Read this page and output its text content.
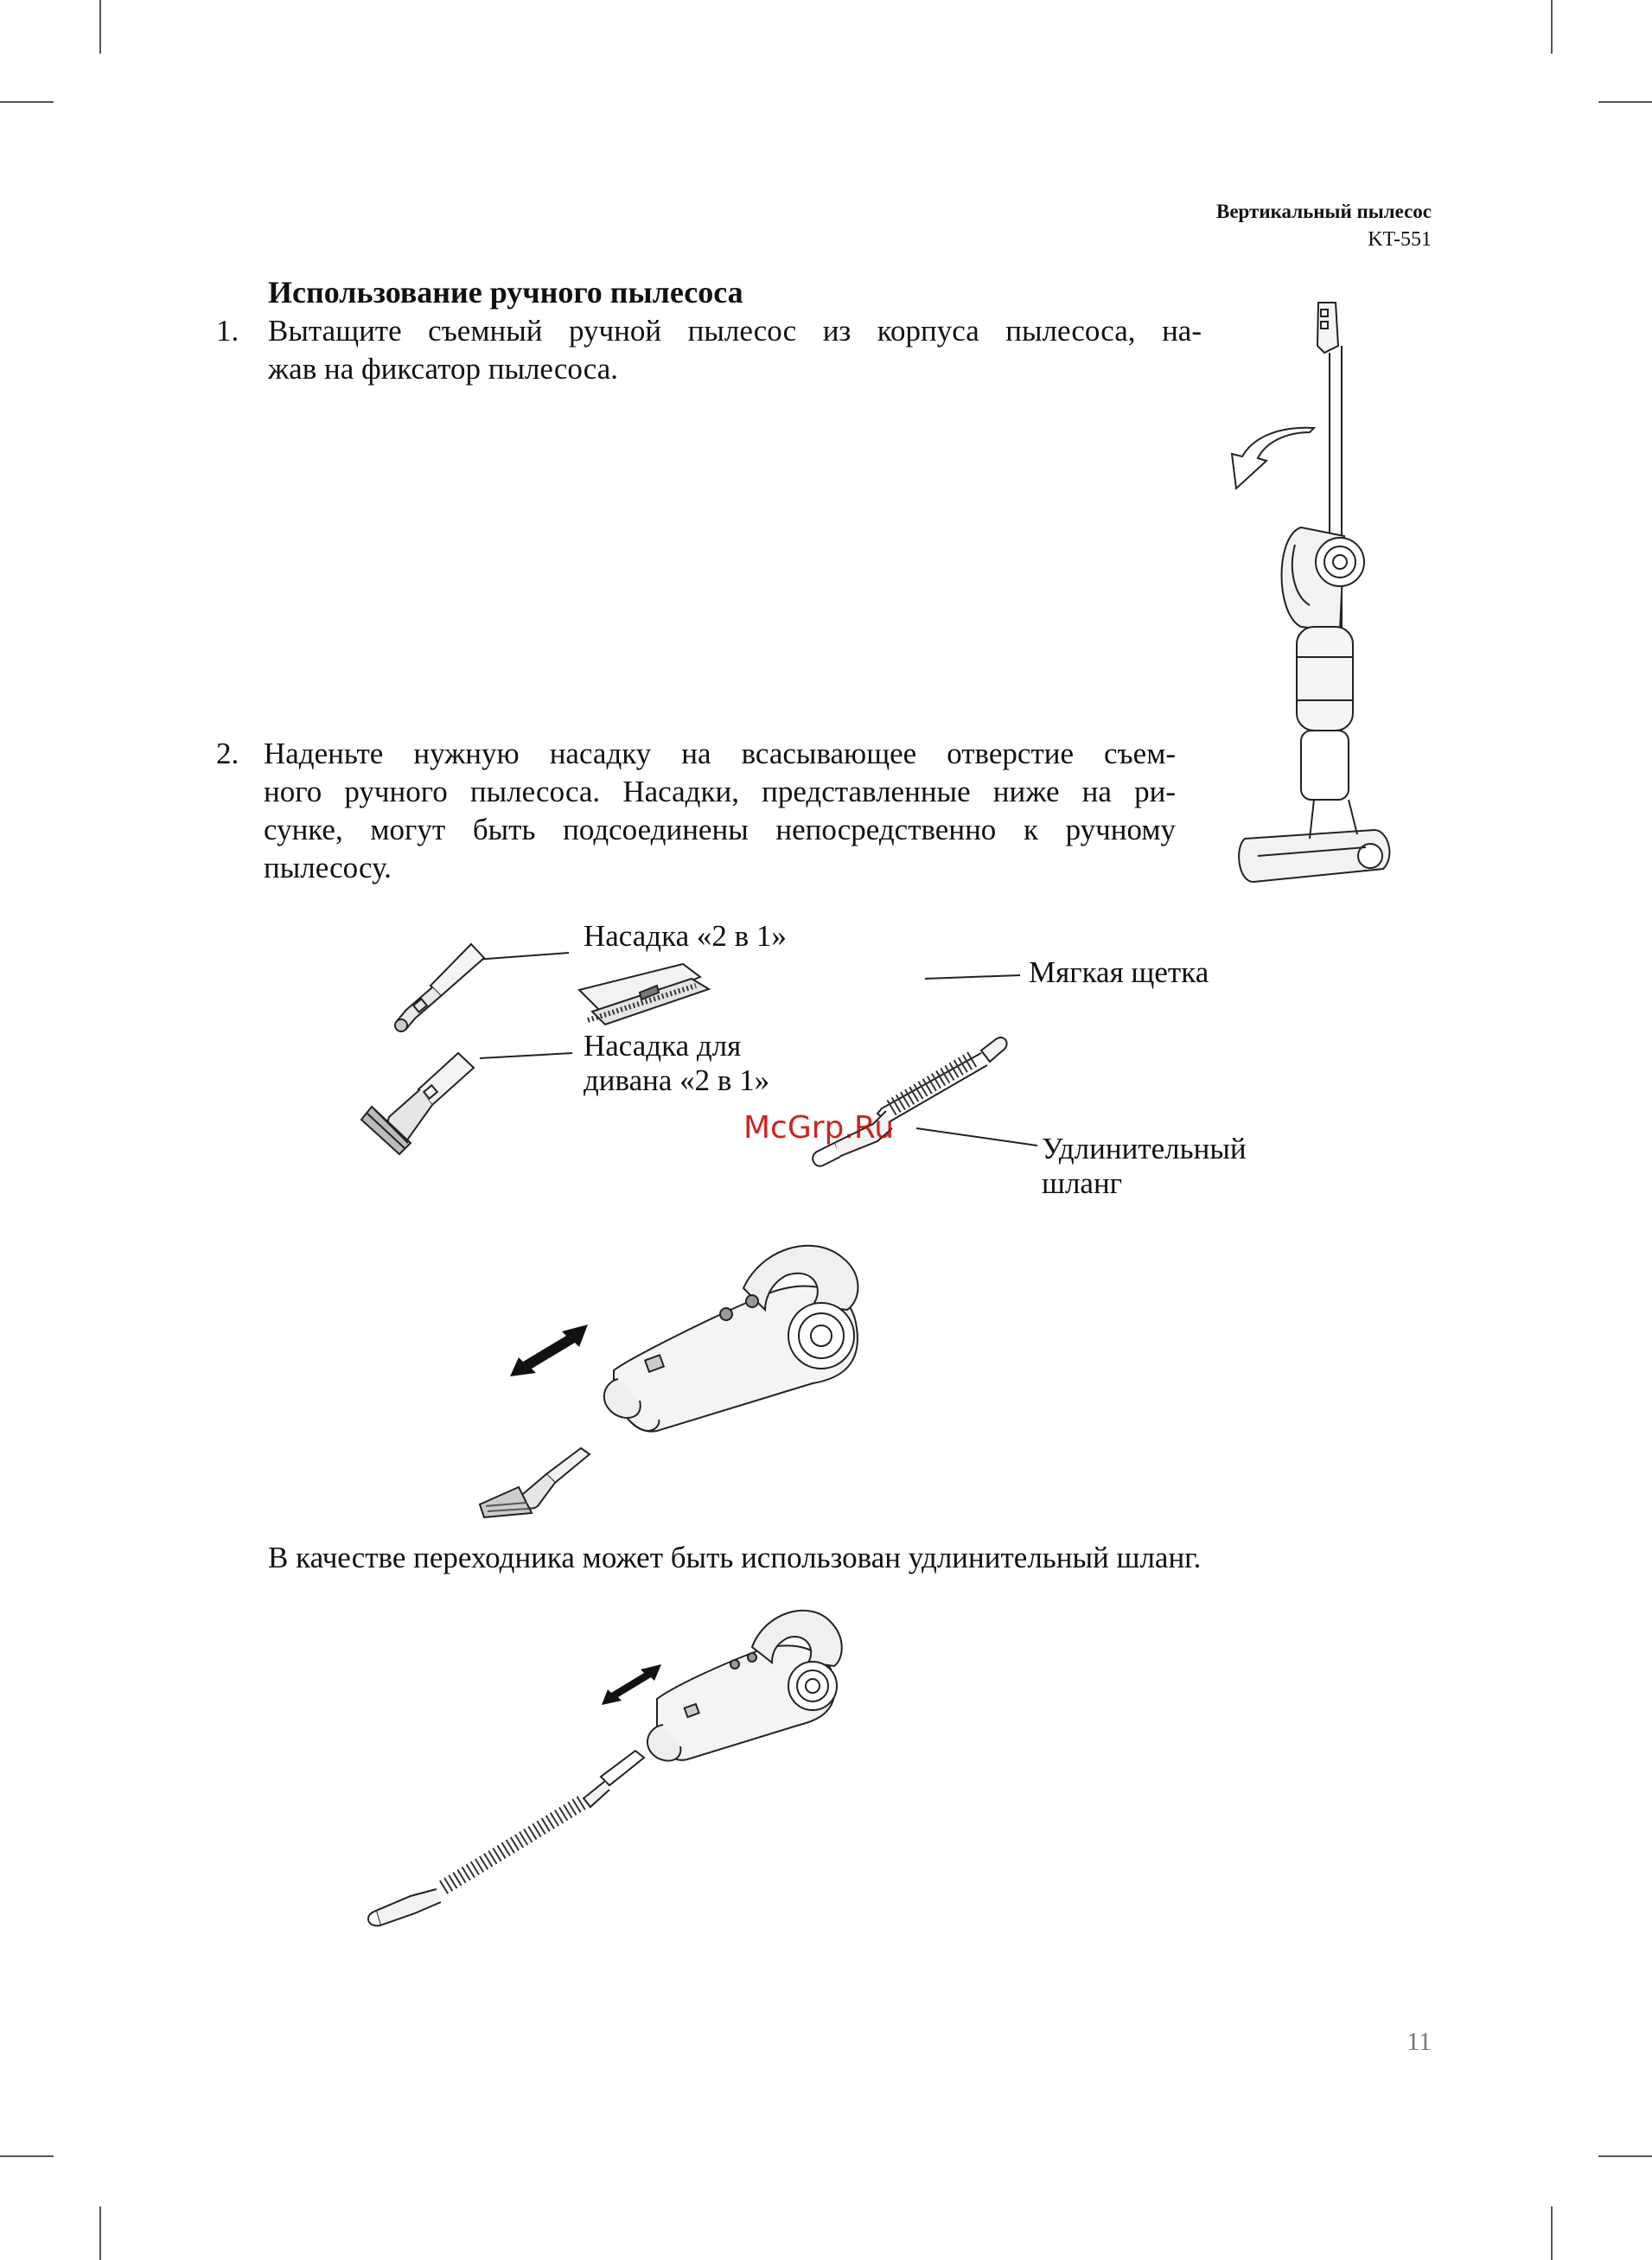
Вертикальный пылесос
KT-551
Использование ручного пылесоса
1. Вытащите съемный ручной пылесос из корпуса пылесоса, на-
жав на фиксатор пылесоса.
2. Наденьте нужную насадку на всасывающее отверстие съем-
ного ручного пылесоса. Насадки, представленные ниже на ри-
сунке, могут быть подсоединены непосредственно к ручному
пылесосу.
Насадка «2 в 1»
Насадка для
дивана «2 в 1»
Мягкая щетка
Удлинительный
шланг
McGrp.Ru
В качестве переходника может быть использован удлинительный шланг.
11
